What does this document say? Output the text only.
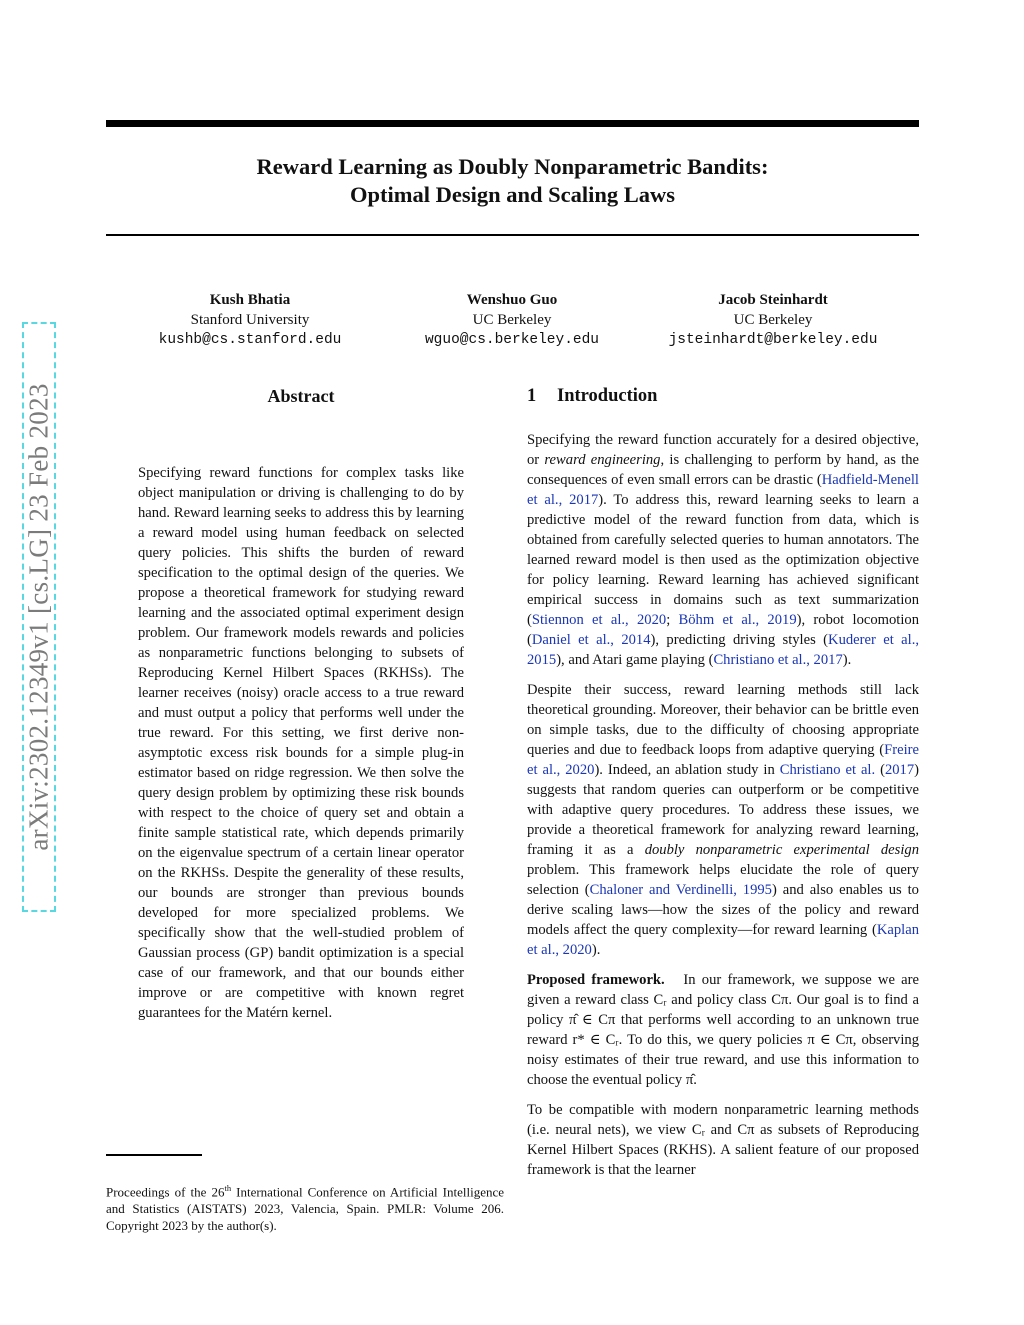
Reward Learning as Doubly Nonparametric Bandits:
Optimal Design and Scaling Laws
Kush Bhatia
Stanford University
kushb@cs.stanford.edu
Wenshuo Guo
UC Berkeley
wguo@cs.berkeley.edu
Jacob Steinhardt
UC Berkeley
jsteinhardt@berkeley.edu
arXiv:2302.12349v1 [cs.LG] 23 Feb 2023	Abstract

Specifying reward functions for complex tasks like object manipulation or driving is challenging to do by hand. Reward learning seeks to address this by learning a reward model using human feedback on selected query policies. This shifts the burden of reward specification to the optimal design of the queries. We propose a theoretical framework for studying reward learning and the associated optimal experiment design problem. Our framework models rewards and policies as nonparametric functions belonging to subsets of Reproducing Kernel Hilbert Spaces (RKHSs). The learner receives (noisy) oracle access to a true reward and must output a policy that performs well under the true reward. For this setting, we first derive non-asymptotic excess risk bounds for a simple plug-in estimator based on ridge regression. We then solve the query design problem by optimizing these risk bounds with respect to the choice of query set and obtain a finite sample statistical rate, which depends primarily on the eigenvalue spectrum of a certain linear operator on the RKHSs. Despite the generality of these results, our bounds are stronger than previous bounds developed for more specialized problems. We specifically show that the well-studied problem of Gaussian process (GP) bandit optimization is a special case of our framework, and that our bounds either improve or are competitive with known regret guarantees for the Matérn kernel.

1 Introduction

Specifying the reward function accurately for a desired objective, or reward engineering, is challenging to perform by hand, as the consequences of even small errors can be drastic (Hadfield-Menell et al., 2017). To address this, reward learning seeks to learn a predictive model of the reward function from data, which is obtained from carefully selected queries to human annotators. The learned reward model is then used as the optimization objective for policy learning. Reward learning has achieved significant empirical success in domains such as text summarization (Stiennon et al., 2020; Böhm et al., 2019), robot locomotion (Daniel et al., 2014), predicting driving styles (Kuderer et al., 2015), and Atari game playing (Christiano et al., 2017).

Despite their success, reward learning methods still lack theoretical grounding. Moreover, their behavior can be brittle even on simple tasks, due to the difficulty of choosing appropriate queries and due to feedback loops from adaptive querying (Freire et al., 2020). Indeed, an ablation study in Christiano et al. (2017) suggests that random queries can outperform or be competitive with adaptive query procedures. To address these issues, we provide a theoretical framework for analyzing reward learning, framing it as a doubly nonparametric experimental design problem. This framework helps elucidate the role of query selection (Chaloner and Verdinelli, 1995) and also enables us to derive scaling laws—how the sizes of the policy and reward models affect the query complexity—for reward learning (Kaplan et al., 2020).

Proposed framework.   In our framework, we suppose we are given a reward class Cᵣ and policy class Cπ. Our goal is to find a policy π̂ ∈ Cπ that performs well according to an unknown true reward r* ∈ Cᵣ. To do this, we query policies π ∈ Cπ, observing noisy estimates of their true reward, and use this information to choose the eventual policy π̂.

To be compatible with modern nonparametric learning methods (i.e. neural nets), we view Cᵣ and Cπ as subsets of Reproducing Kernel Hilbert Spaces (RKHS). A salient feature of our proposed framework is that the learner

Proceedings of the 26th International Conference on Artificial Intelligence and Statistics (AISTATS) 2023, Valencia, Spain. PMLR: Volume 206. Copyright 2023 by the author(s).
